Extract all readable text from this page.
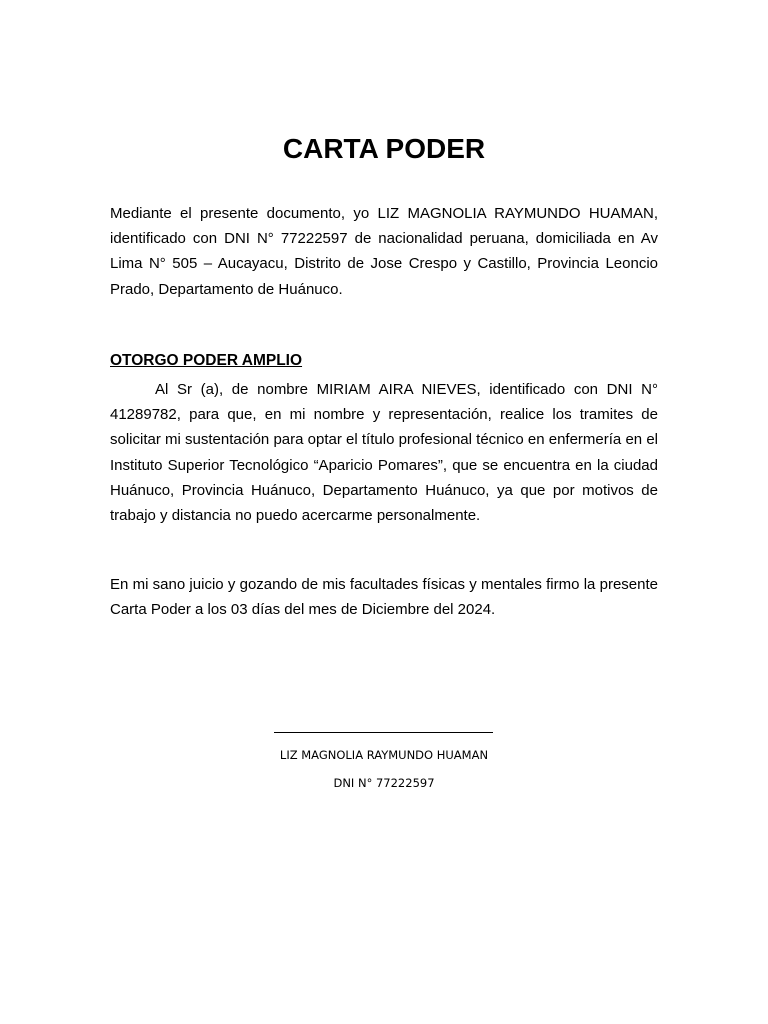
CARTA PODER

Mediante el presente documento, yo LIZ MAGNOLIA RAYMUNDO HUAMAN, identificado con DNI N° 77222597 de nacionalidad peruana, domiciliada en Av Lima N° 505 – Aucayacu, Distrito de Jose Crespo y Castillo, Provincia Leoncio Prado, Departamento de Huánuco.

OTORGO PODER AMPLIO

Al Sr (a), de nombre MIRIAM AIRA NIEVES, identificado con DNI N° 41289782, para que, en mi nombre y representación, realice los tramites de solicitar mi sustentación para optar el título profesional técnico en enfermería en el Instituto Superior Tecnológico “Aparicio Pomares”, que se encuentra en la ciudad Huánuco, Provincia Huánuco, Departamento Huánuco, ya que por motivos de trabajo y distancia no puedo acercarme personalmente.

En mi sano juicio y gozando de mis facultades físicas y mentales firmo la presente Carta Poder a los 03 días del mes de Diciembre del 2024.

LIZ MAGNOLIA RAYMUNDO HUAMAN

DNI N° 77222597
